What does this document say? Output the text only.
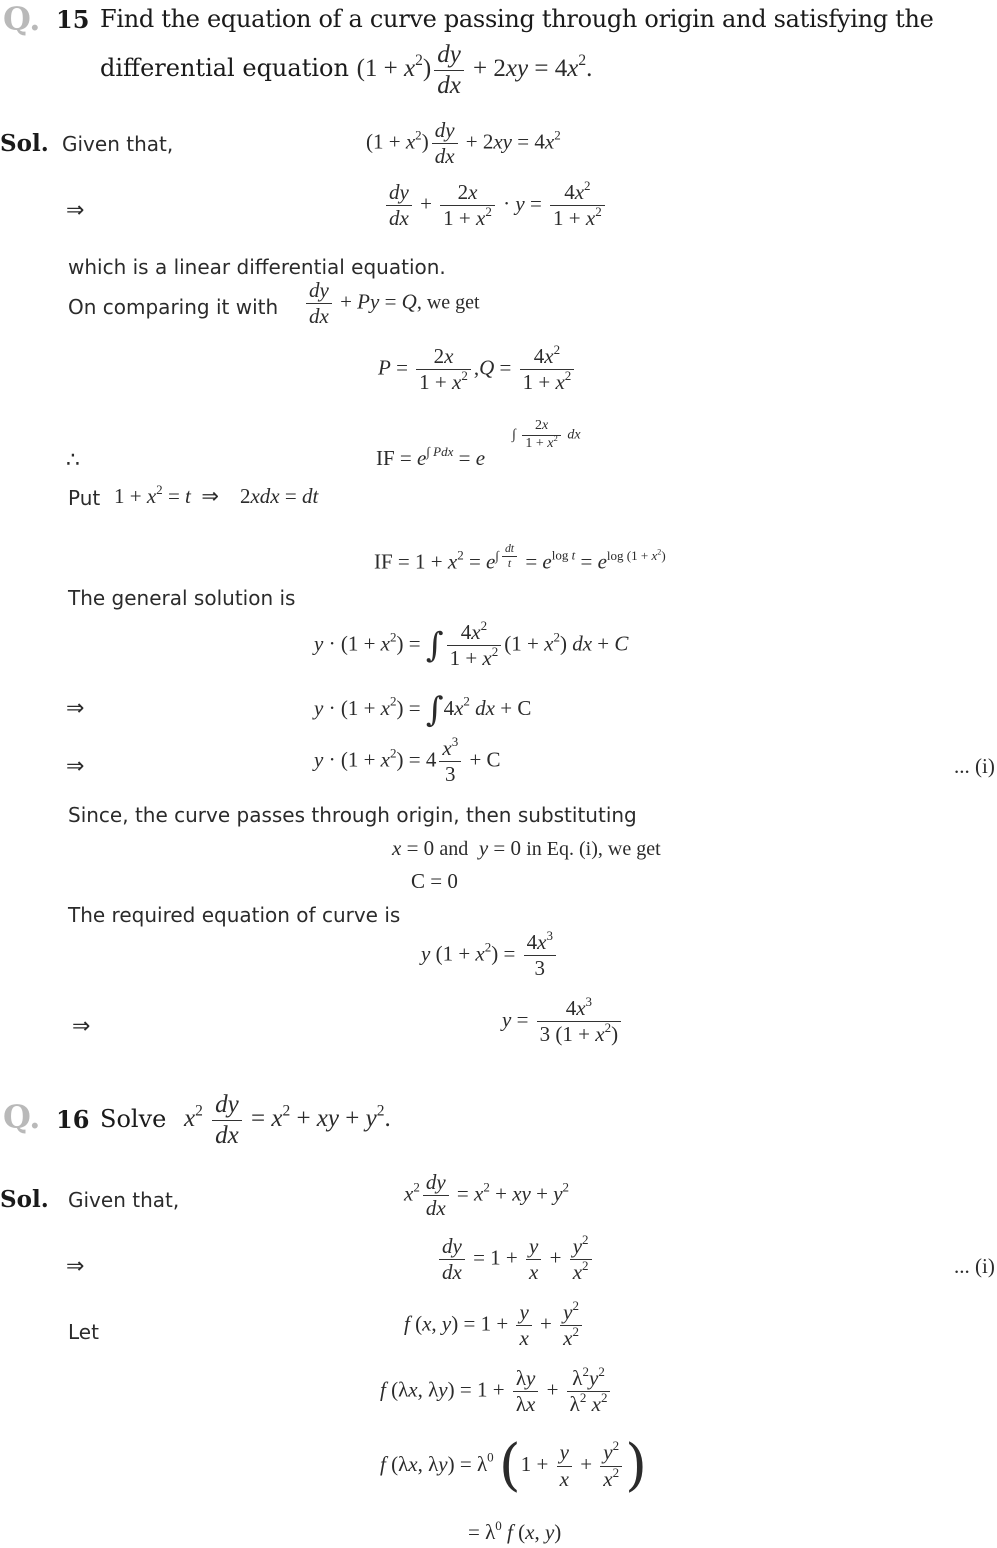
Q. 15 Find the equation of a curve passing through origin and satisfying the
differential equation $(1 + x^2) \frac{dy}{dx} + 2xy = 4x^2$.
Sol. Given that,	$(1 + x^2) \frac{dy}{dx} + 2xy = 4x^2$
⇒	$\frac{dy}{dx} + \frac{2x}{1 + x^2} \cdot y = \frac{4x^2}{1 + x^2}$
which is a linear differential equation.
On comparing it with $\frac{dy}{dx} + Py = Q$, we get
$P = \frac{2x}{1 + x^2} ,Q = \frac{4x^2}{1 + x^2}$
∴	IF = $e^{\int Pdx} = e$
∫ $\frac{2x}{1 + x^2}$ dx
Put $1 + x^2 = t$  ⇒    2xdx = dt
IF = $1 + x^2 = e^{\int \frac{dt}{t}} = e^{log t} = e^{log (1 + x^2)}$
The general solution is
$y \cdot (1 + x^2)$ = ∫ $\frac{4x^2}{1 + x^2} (1 + x^2)$ dx + C
⇒	$y \cdot (1 + x^2) = \int 4x^2$ dx + C
⇒	$y \cdot (1 + x^2) = 4 \frac{x^3}{3} + C$	... (i)
Since, the curve passes through origin, then substituting
x = 0 and y = 0 in Eq. (i), we get
C = 0
The required equation of curve is
y $(1 + x^2) = \frac{4x^3}{3}$
⇒	$y = \frac{4x^3}{3 (1 + x^2)}$
Q. 16 Solve $x^2 \frac{dy}{dx} = x^2$ + xy + $y^2$.
Sol. Given that,	$x^2 \frac{dy}{dx} = x^2$ + xy + $y^2$
⇒	$\frac{dy}{dx} = 1 + \frac{y}{x} + \frac{y^2}{x^2}$	... (i)
Let	f (x, $y) = 1 + \frac{y}{x} + \frac{y^2}{x^2}$
f (λx, $\lambda y) = 1 + \frac{\lambda y}{\lambda x} + \frac{\lambda^2y^2}{\lambda^2 x^2}$
f (λx, $\lambda y) = \lambda^0$ ($1 + \frac{y}{x} + \frac{y^2}{x^2}$ )
= $\lambda^0$ f (x, y)
